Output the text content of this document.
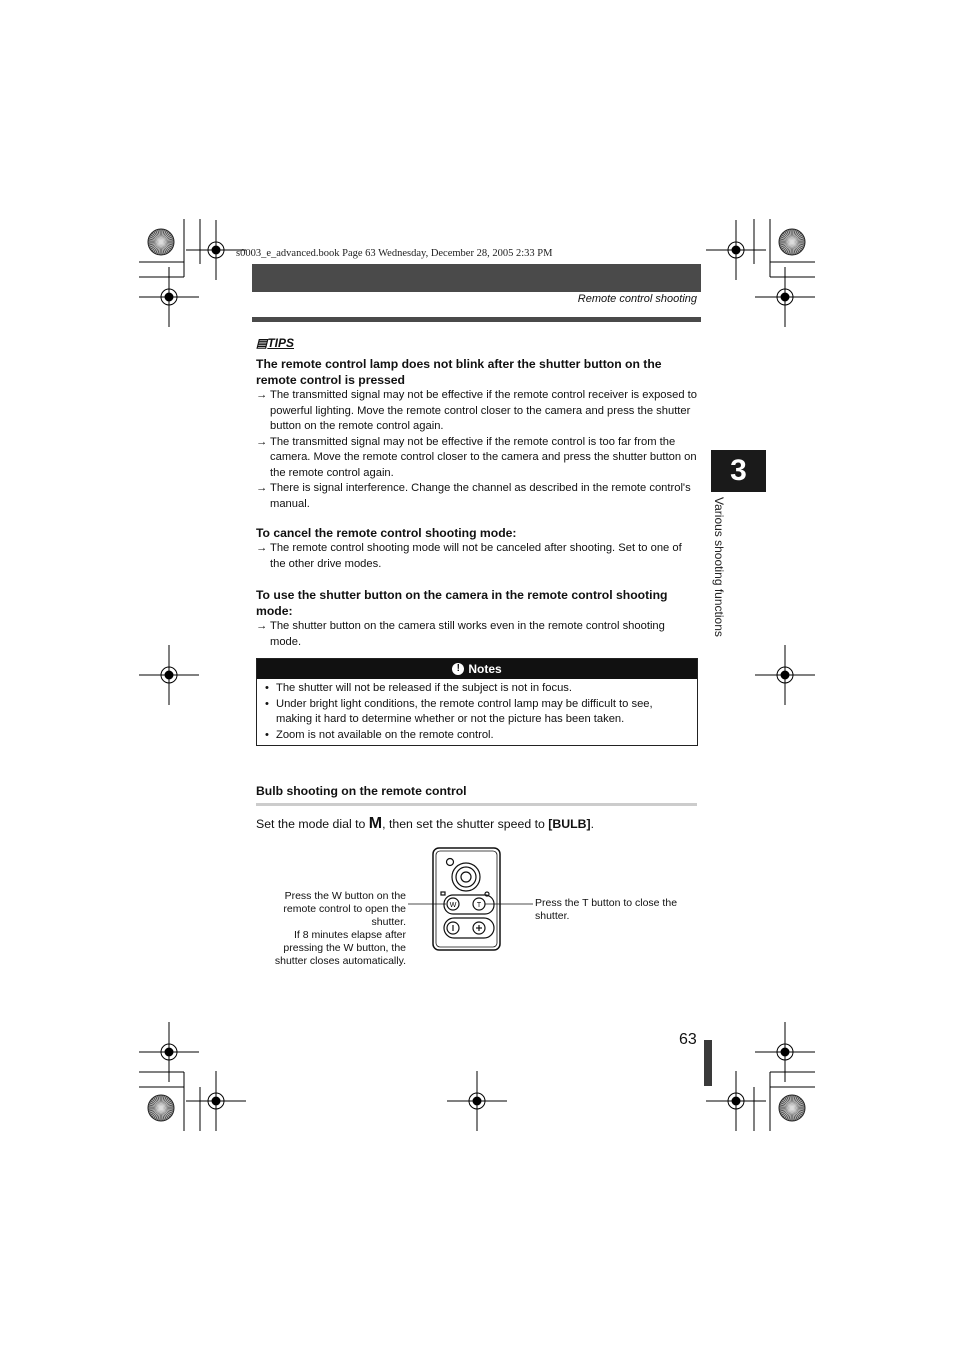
s0003_e_advanced.book Page 63 Wednesday, December 28, 2005 2:33 PM
Remote control shooting
3
Various shooting functions
▤TIPS
The remote control lamp does not blink after the shutter button on the remote control is pressed
→ The transmitted signal may not be effective if the remote control receiver is exposed to powerful lighting. Move the remote control closer to the camera and press the shutter button on the remote control again.
→ The transmitted signal may not be effective if the remote control is too far from the camera. Move the remote control closer to the camera and press the shutter button on the remote control again.
→ There is signal interference. Change the channel as described in the remote control's manual.
To cancel the remote control shooting mode:
→ The remote control shooting mode will not be canceled after shooting. Set to one of the other drive modes.
To use the shutter button on the camera in the remote control shooting mode:
→ The shutter button on the camera still works even in the remote control shooting mode.
! Notes
• The shutter will not be released if the subject is not in focus.
• Under bright light conditions, the remote control lamp may be difficult to see, making it hard to determine whether or not the picture has been taken.
• Zoom is not available on the remote control.
Bulb shooting on the remote control
Set the mode dial to M, then set the shutter speed to [BULB].
Press the W button on the remote control to open the shutter.
If 8 minutes elapse after pressing the W button, the shutter closes automatically.
Press the T button to close the shutter.
W	T
63
